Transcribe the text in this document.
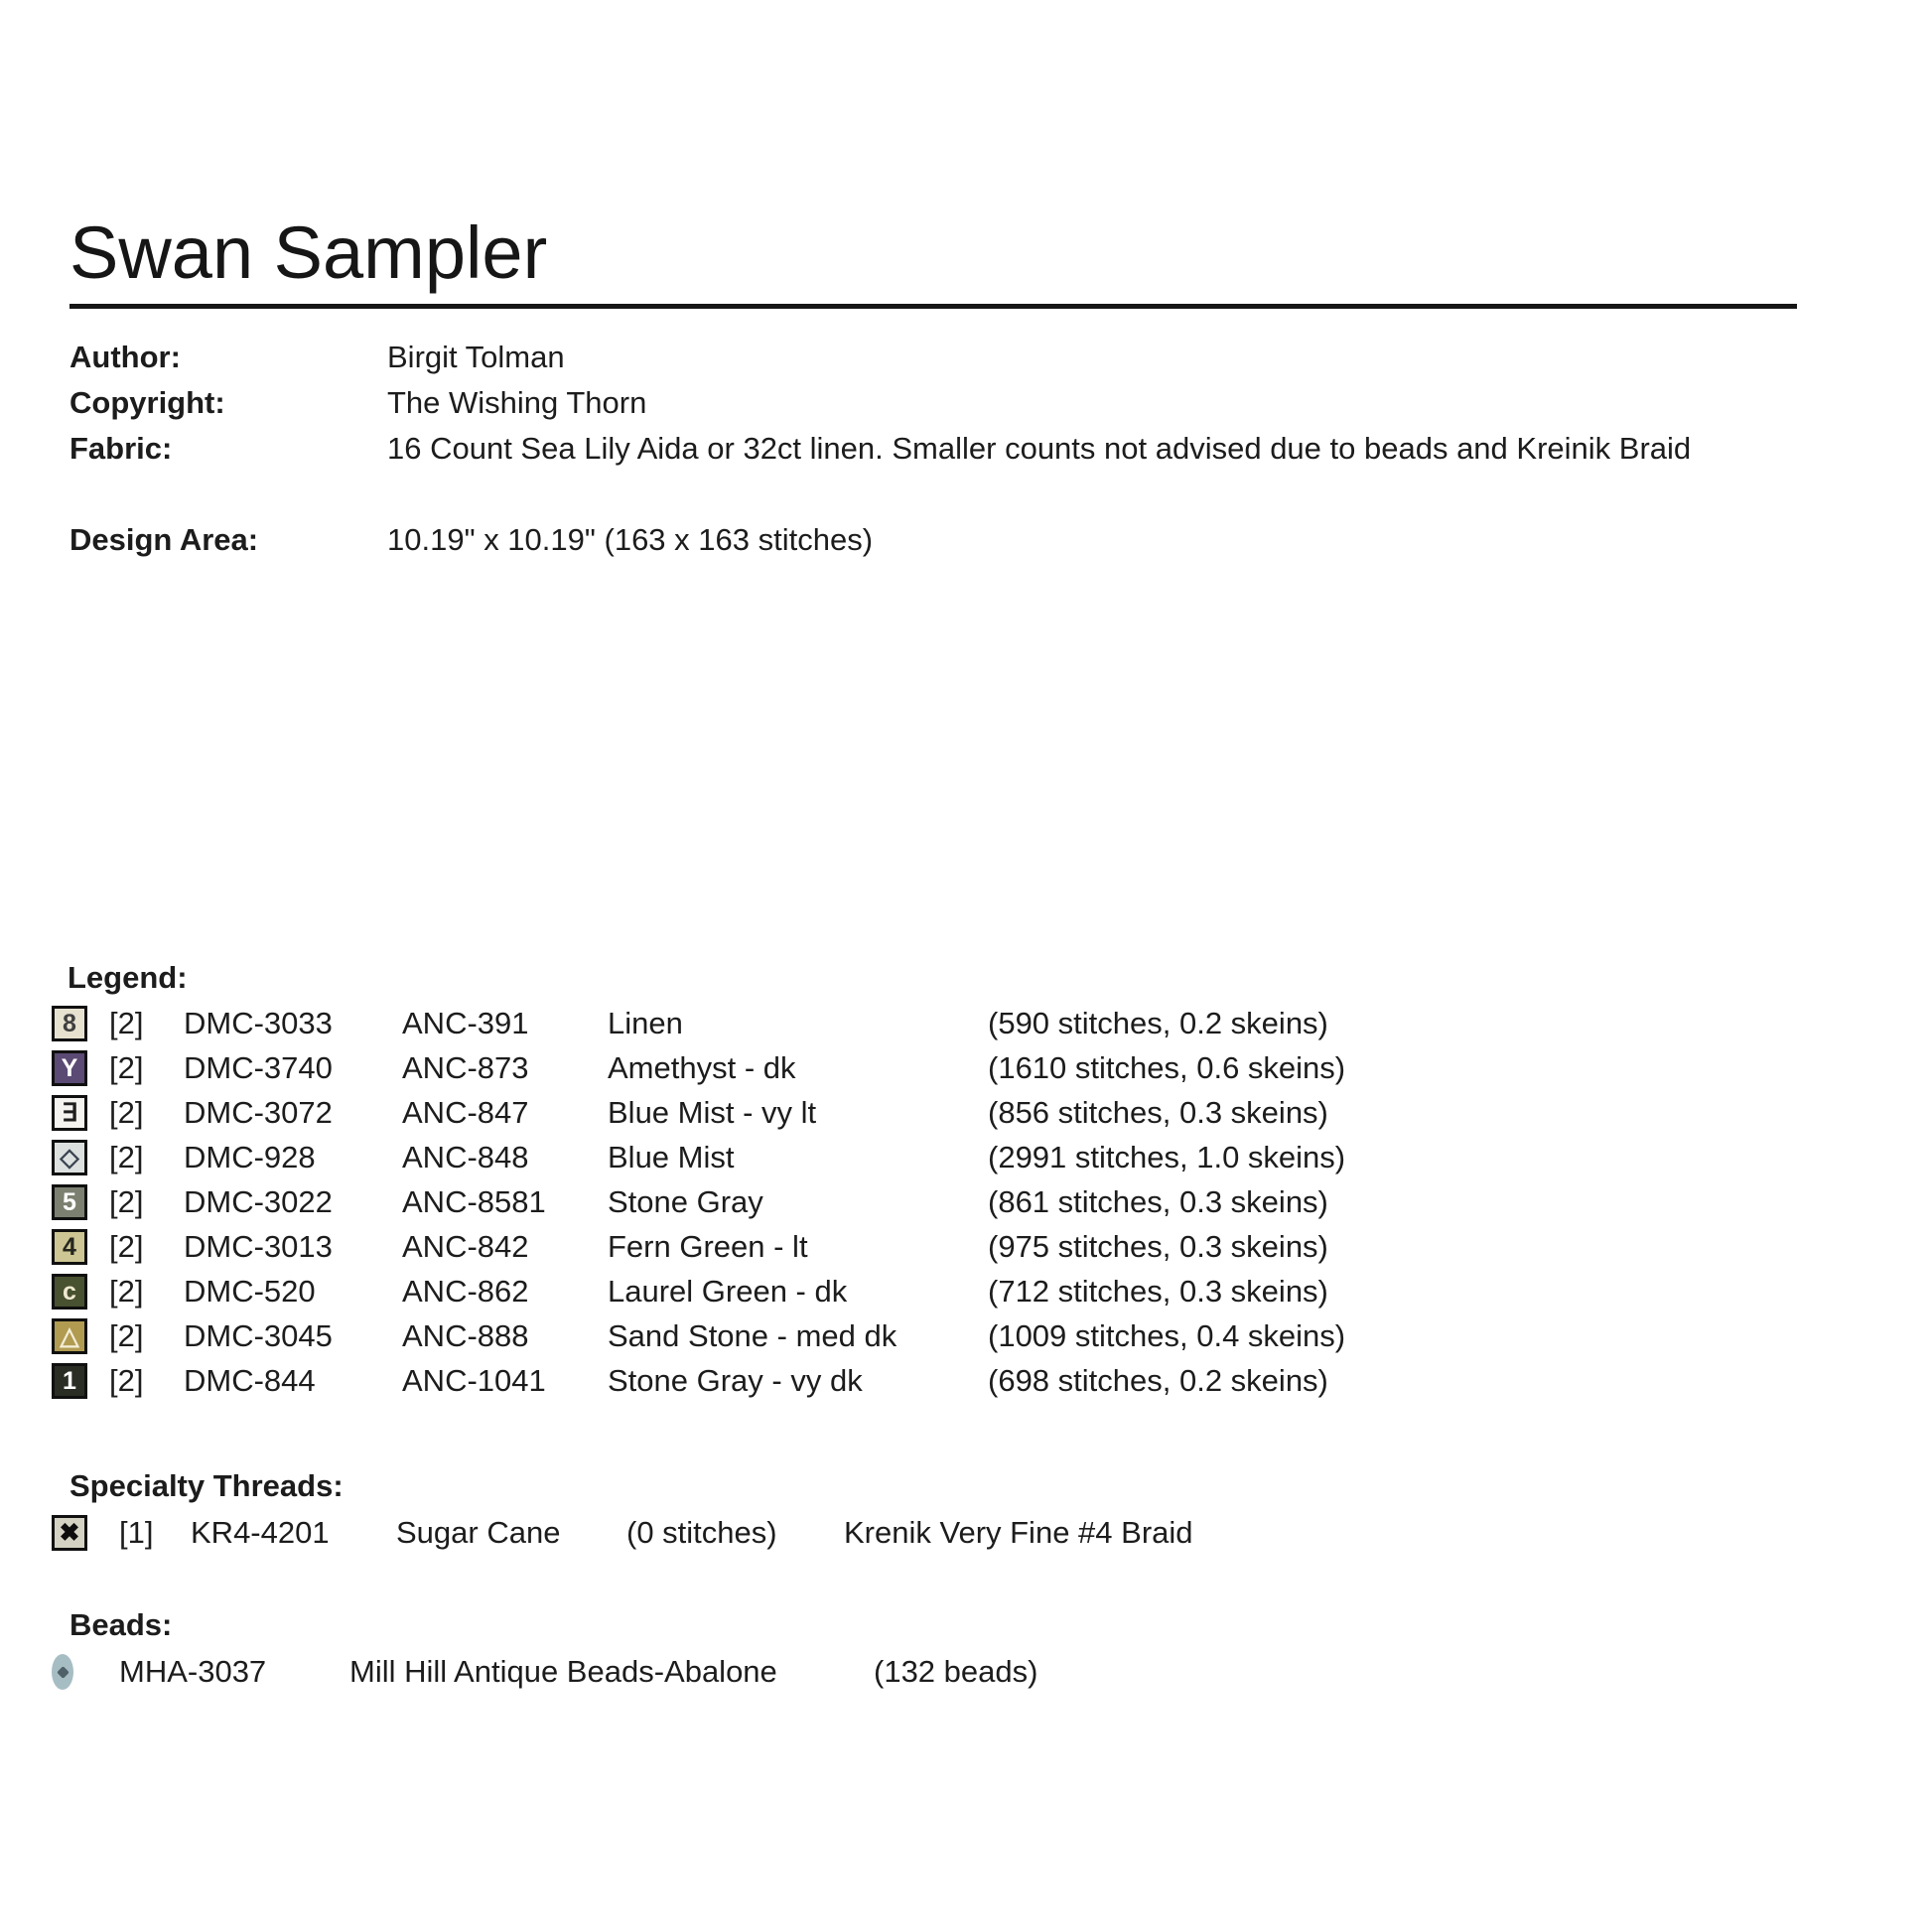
Swan Sampler
Author:	Birgit Tolman
Copyright:	The Wishing Thorn
Fabric:	16 Count Sea Lily Aida or 32ct linen. Smaller counts not advised due to beads and Kreinik Braid
Design Area:	10.19" x 10.19" (163 x 163 stitches)
Legend:
8	[2]	DMC-3033	ANC-391	Linen	(590 stitches, 0.2 skeins)
Y	[2]	DMC-3740	ANC-873	Amethyst - dk	(1610 stitches, 0.6 skeins)
∃	[2]	DMC-3072	ANC-847	Blue Mist - vy lt	(856 stitches, 0.3 skeins)
◇ [2]	DMC-928	ANC-848	Blue Mist	(2991 stitches, 1.0 skeins)
5	[2]	DMC-3022	ANC-8581	Stone Gray	(861 stitches, 0.3 skeins)
4	[2]	DMC-3013	ANC-842	Fern Green - lt	(975 stitches, 0.3 skeins)
c	[2]	DMC-520	ANC-862	Laurel Green - dk	(712 stitches, 0.3 skeins)
△ [2]	DMC-3045	ANC-888	Sand Stone - med dk	(1009 stitches, 0.4 skeins)
1	[2]	DMC-844	ANC-1041	Stone Gray - vy dk	(698 stitches, 0.2 skeins)
Specialty Threads:
✖ [1]	KR4-4201	Sugar Cane	(0 stitches)	Krenik Very Fine #4 Braid
Beads:
MHA-3037	Mill Hill Antique Beads-Abalone	(132 beads)
